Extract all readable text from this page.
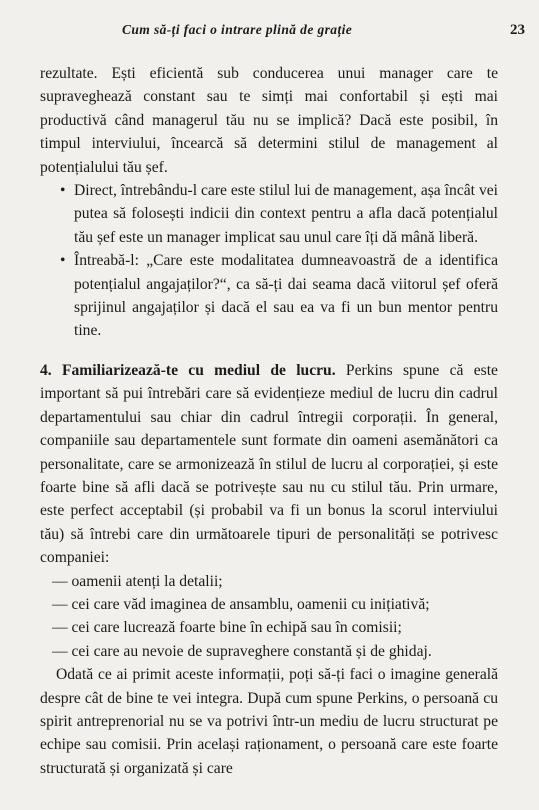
Cum să-ți faci o intrare plină de grație	23

rezultate. Ești eficientă sub conducerea unui manager care te supraveghează constant sau te simți mai confortabil și ești mai productivă când managerul tău nu se implică? Dacă este posibil, în timpul interviului, încearcă să determini stilul de management al potențialului tău șef.

• Direct, întrebându-l care este stilul lui de management, așa încât vei putea să folosești indicii din context pentru a afla dacă potențialul tău șef este un manager implicat sau unul care îți dă mână liberă.
• Întreabă-l: „Care este modalitatea dumneavoastră de a identifica potențialul angajaților?“, ca să-ți dai seama dacă viitorul șef oferă sprijinul angajaților și dacă el sau ea va fi un bun mentor pentru tine.

4. Familiarizează-te cu mediul de lucru. Perkins spune că este important să pui întrebări care să evidențieze mediul de lucru din cadrul departamentului sau chiar din cadrul întregii corporații. În general, companiile sau departamentele sunt formate din oameni asemănători ca personalitate, care se armonizează în stilul de lucru al corporației, și este foarte bine să afli dacă se potrivește sau nu cu stilul tău. Prin urmare, este perfect acceptabil (și probabil va fi un bonus la scorul interviului tău) să întrebi care din următoarele tipuri de personalități se potrivesc companiei:

— oamenii atenți la detalii;
— cei care văd imaginea de ansamblu, oamenii cu inițiativă;
— cei care lucrează foarte bine în echipă sau în comisii;
— cei care au nevoie de supraveghere constantă și de ghidaj.

Odată ce ai primit aceste informații, poți să-ți faci o imagine generală despre cât de bine te vei integra. După cum spune Perkins, o persoană cu spirit antreprenorial nu se va potrivi într-un mediu de lucru structurat pe echipe sau comisii. Prin același raționament, o persoană care este foarte structurată și organizată și care
